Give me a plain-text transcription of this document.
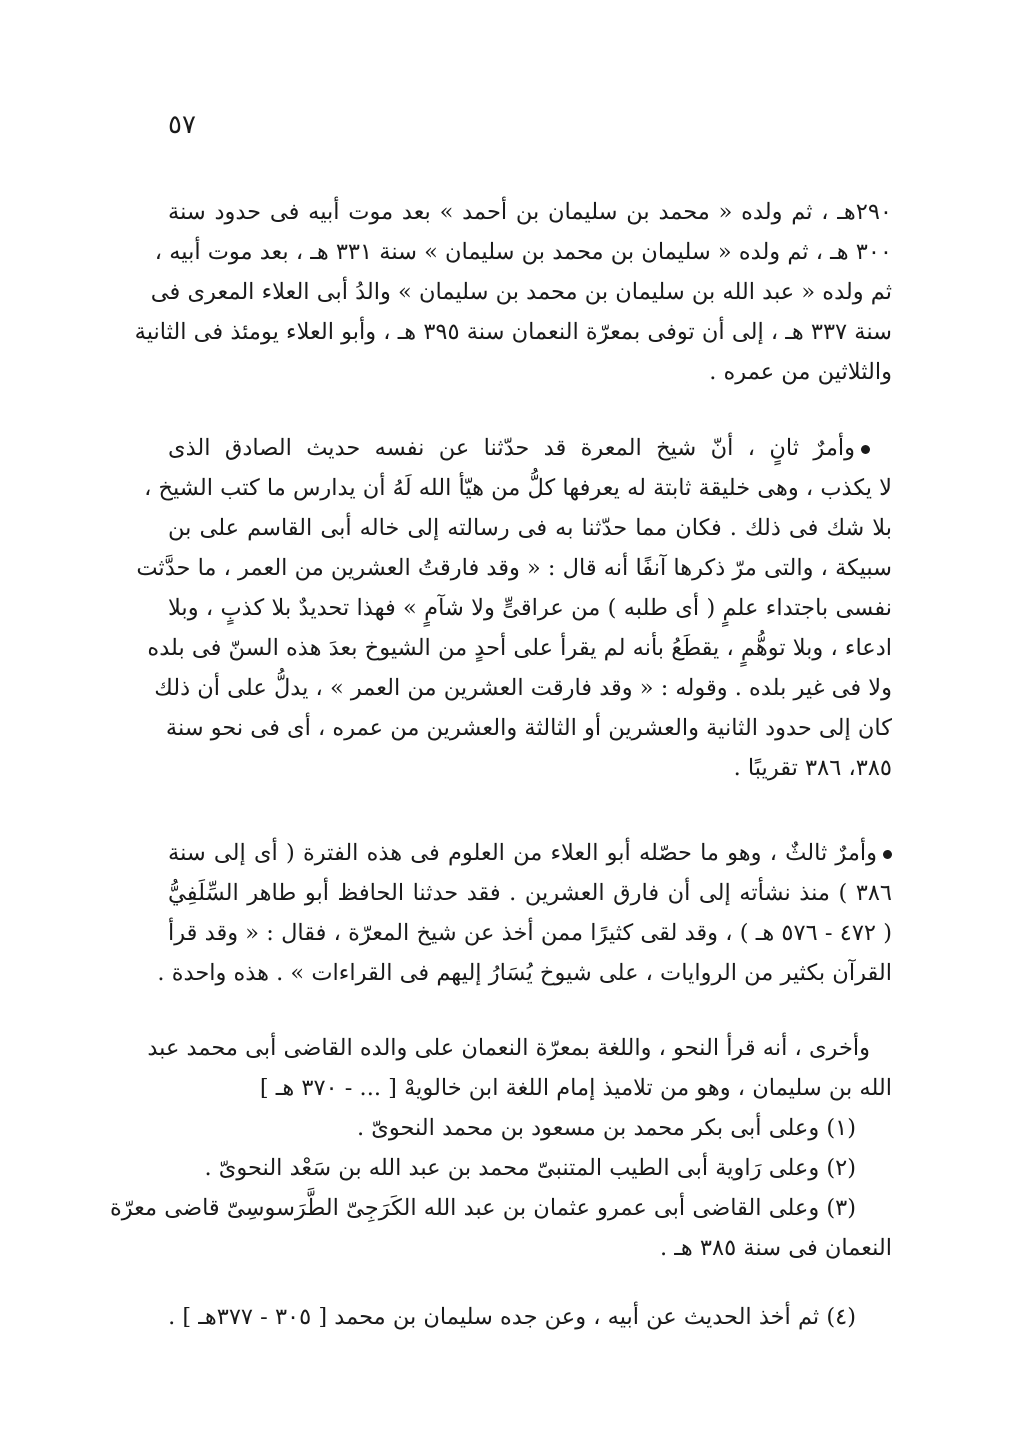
٥٧
٢٩٠هـ ، ثم ولده « محمد بن سليمان بن أحمد » بعد موت أبيه فى حدود سنة
٣٠٠ هـ ، ثم ولده « سليمان بن محمد بن سليمان » سنة ٣٣١ هـ ، بعد موت أبيه ،
ثم ولده « عبد الله بن سليمان بن محمد بن سليمان » والدُ أبى العلاء المعرى فى
سنة ٣٣٧ هـ ، إلى أن توفى بمعرّة النعمان سنة ٣٩٥ هـ ، وأبو العلاء يومئذ فى الثانية
والثلاثين من عمره .
وأمرٌ ثانٍ ، أنّ شيخ المعرة قد حدّثنا عن نفسه حديث الصادق الذى
لا يكذب ، وهى خليقة ثابتة له يعرفها كلُّ من هيّأ الله لَهُ أن يدارس ما كتب الشيخ ،
بلا شك فى ذلك . فكان مما حدّثنا به فى رسالته إلى خاله أبى القاسم على بن
سبيكة ، والتى مرّ ذكرها آنفًا أنه قال : « وقد فارقتُ العشرين من العمر ، ما حدَّثت
نفسى باجتداء علمٍ ( أى طلبه ) من عراقىٍّ ولا شآمٍ » فهذا تحديدٌ بلا كذبٍ ، وبلا
ادعاء ، وبلا توهُّمٍ ، يقطَعُ بأنه لم يقرأ على أحدٍ من الشيوخ بعدَ هذه السنّ فى بلده
ولا فى غير بلده . وقوله : « وقد فارقت العشرين من العمر » ، يدلُّ على أن ذلك
كان إلى حدود الثانية والعشرين أو الثالثة والعشرين من عمره ، أى فى نحو سنة
٣٨٥، ٣٨٦ تقريبًا .
وأمرٌ ثالثٌ ، وهو ما حصّله أبو العلاء من العلوم فى هذه الفترة ( أى إلى سنة
٣٨٦ ) منذ نشأته إلى أن فارق العشرين . فقد حدثنا الحافظ أبو طاهر السِّلَفِيُّ
( ٤٧٢ - ٥٧٦ هـ ) ، وقد لقى كثيرًا ممن أخذ عن شيخ المعرّة ، فقال : « وقد قرأ
القرآن بكثير من الروايات ، على شيوخ يُسَارُ إليهم فى القراءات » . هذه واحدة .
وأخرى ، أنه قرأ النحو ، واللغة بمعرّة النعمان على والده القاضى أبى محمد عبد
الله بن سليمان ، وهو من تلاميذ إمام اللغة ابن خالويهْ [ ... - ٣٧٠ هـ ]
(١) وعلى أبى بكر محمد بن مسعود بن محمد النحوىّ .
(٢) وعلى رَاوية أبى الطيب المتنبىّ محمد بن عبد الله بن سَعْد النحوىّ .
(٣) وعلى القاضى أبى عمرو عثمان بن عبد الله الكَرَجِىّ الطَّرَسوسِىّ قاضى معرّة
النعمان فى سنة ٣٨٥ هـ .
(٤) ثم أخذ الحديث عن أبيه ، وعن جده سليمان بن محمد [ ٣٠٥ - ٣٧٧هـ ] .
